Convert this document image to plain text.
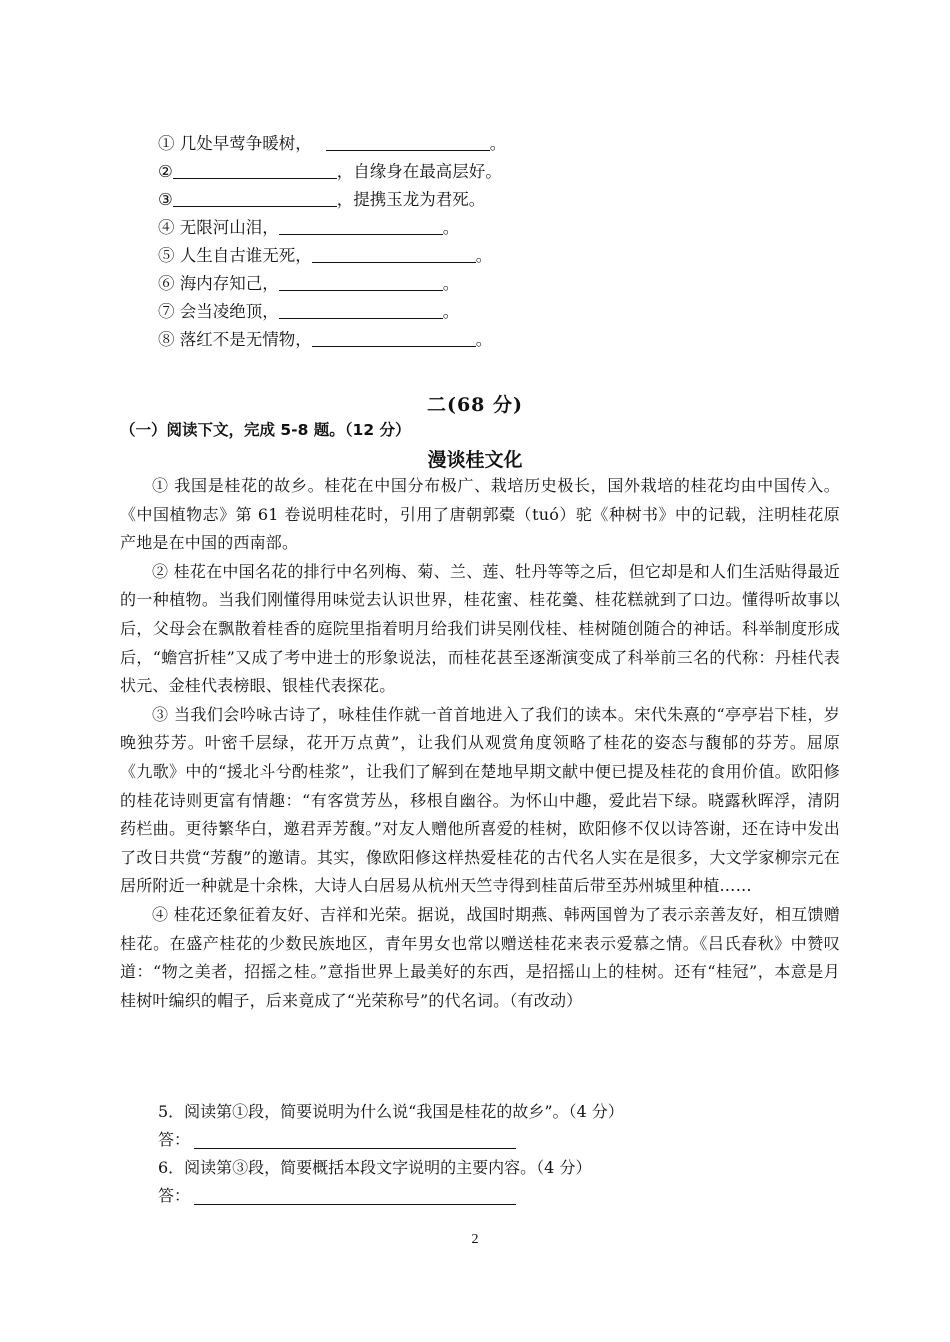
① 几处早莺争暖树，	。
②	，自缘身在最高层好。
③	，提携玉龙为君死。
④ 无限河山泪，	。
⑤ 人生自古谁无死，	。
⑥ 海内存知己，	。
⑦ 会当凌绝顶，	。
⑧ 落红不是无情物，	。
二(68 分)
（一）阅读下文，完成 5-8 题。（12 分）
漫谈桂文化

① 我国是桂花的故乡。桂花在中国分布极广、栽培历史极长，国外栽培的桂花均由中国传入。《中国植物志》第 61 卷说明桂花时，引用了唐朝郭橐（tuó）驼《种树书》中的记载，注明桂花原产地是在中国的西南部。

② 桂花在中国名花的排行中名列梅、菊、兰、莲、牡丹等等之后，但它却是和人们生活贴得最近的一种植物。当我们刚懂得用味觉去认识世界，桂花蜜、桂花羹、桂花糕就到了口边。懂得听故事以后，父母会在飘散着桂香的庭院里指着明月给我们讲吴刚伐桂、桂树随创随合的神话。科举制度形成后，“蟾宫折桂”又成了考中进士的形象说法，而桂花甚至逐渐演变成了科举前三名的代称：丹桂代表状元、金桂代表榜眼、银桂代表探花。

③ 当我们会吟咏古诗了，咏桂佳作就一首首地进入了我们的读本。宋代朱熹的“亭亭岩下桂，岁晚独芬芳。叶密千层绿，花开万点黄”，让我们从观赏角度领略了桂花的姿态与馥郁的芬芳。屈原《九歌》中的“援北斗兮酌桂浆”，让我们了解到在楚地早期文献中便已提及桂花的食用价值。欧阳修的桂花诗则更富有情趣：“有客赏芳丛，移根自幽谷。为怀山中趣，爱此岩下绿。晓露秋晖浮，清阴药栏曲。更待繁华白，邀君弄芳馥。”对友人赠他所喜爱的桂树，欧阳修不仅以诗答谢，还在诗中发出了改日共赏“芳馥”的邀请。其实，像欧阳修这样热爱桂花的古代名人实在是很多，大文学家柳宗元在居所附近一种就是十余株，大诗人白居易从杭州天竺寺得到桂苗后带至苏州城里种植……

④ 桂花还象征着友好、吉祥和光荣。据说，战国时期燕、韩两国曾为了表示亲善友好，相互馈赠桂花。在盛产桂花的少数民族地区，青年男女也常以赠送桂花来表示爱慕之情。《吕氏春秋》中赞叹道：“物之美者，招摇之桂。”意指世界上最美好的东西，是招摇山上的桂树。还有“桂冠”，本意是月桂树叶编织的帽子，后来竟成了“光荣称号”的代名词。（有改动）

5．阅读第①段，简要说明为什么说“我国是桂花的故乡”。（4 分）
答：
6．阅读第③段，简要概括本段文字说明的主要内容。（4 分）
答：
2
